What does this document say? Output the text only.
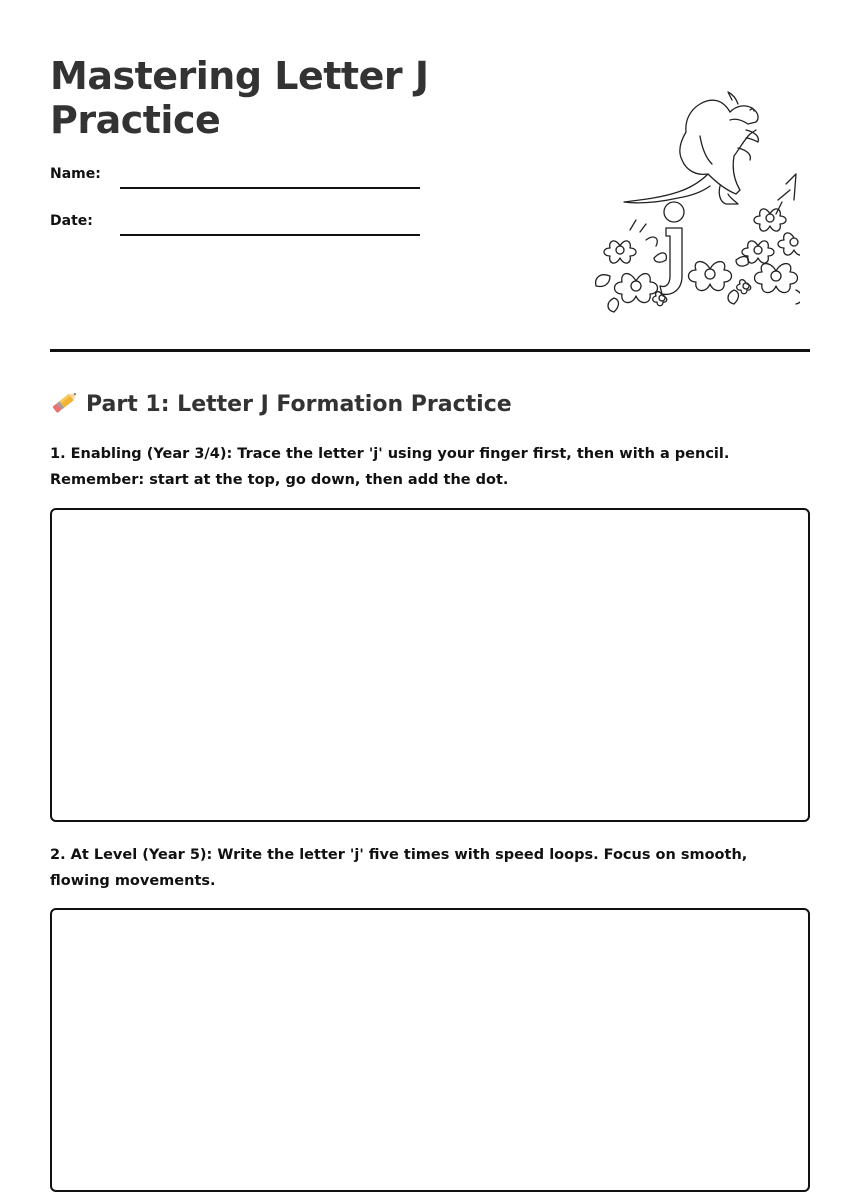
Mastering Letter J Practice
Name:
Date:
Part 1: Letter J Formation Practice

1. Enabling (Year 3/4): Trace the letter 'j' using your finger first, then with a pencil. Remember: start at the top, go down, then add the dot.

2. At Level (Year 5): Write the letter 'j' five times with speed loops. Focus on smooth, flowing movements.
